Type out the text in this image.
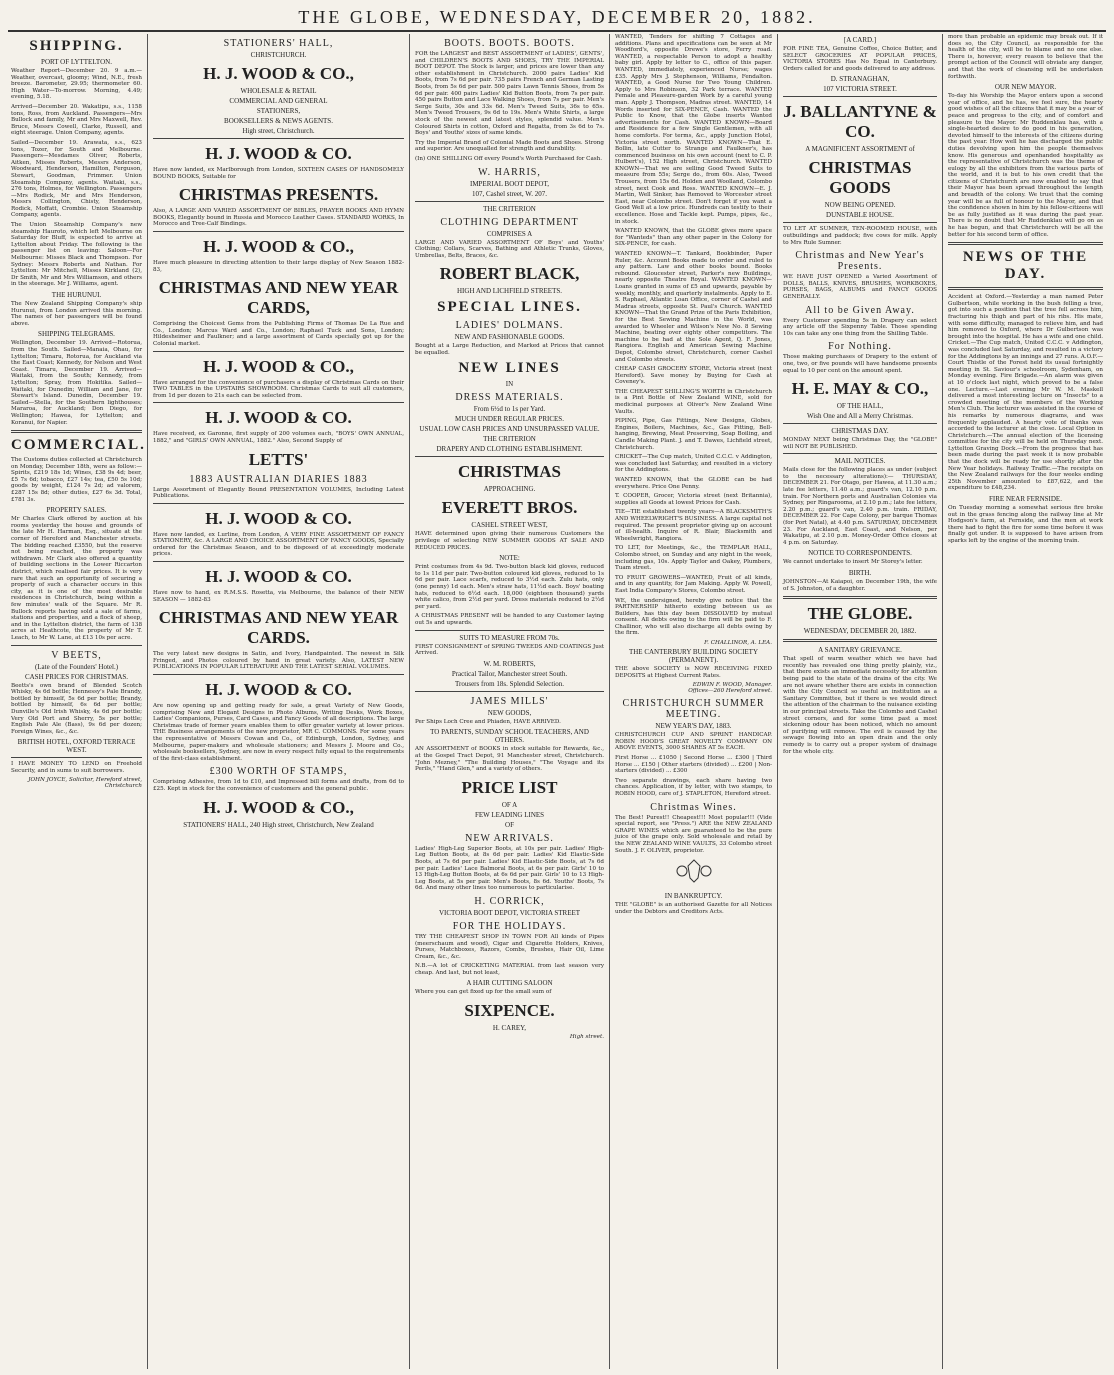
THE GLOBE, WEDNESDAY, DECEMBER 20, 1882.
SHIPPING.
PORT OF LYTTELTON.

Weather Report—December 20. 9 a.m.—Weather, overcast, gloomy; Wind, N.E., fresh breeze. Barometer, 29.95; thermometer 60. High Water—To-morrow. Morning, 4.49; evening, 5.18.

Arrived—December 20. Wakatipu, s.s., 1158 tons, Ross, from Auckland. Passengers—Mrs Bullock and family, Mr and Mrs Maxwell, Rev. Bruce, Messrs Cowell, Clarke, Russell, and eight steerage. Union Company, agents.

Sailed—December 19. Arawata, s.s., 623 tons, Tozer, for South and Melbourne. Passengers—Mesdames Oliver, Roberts, Aitken, Misses Roberts, Messrs Anderson, Woodward, Henderson, Hamilton, Ferguson, Stewart, Goodman, Frimmer. Union Steamship Company, agents. Waitaki, s.s., 276 tons, Holmes, for Wellington. Passengers—Mrs Rodick, Mr and Mrs Henderson, Messrs Collington, Chisty, Henderson, Rodick, Moffatt, Crombie. Union Steamship Company, agents.

The Union Steamship Company's new steamship Hauroto, which left Melbourne on Saturday for Bluff, is expected to arrive at Lyttelton about Friday. The following is the passenger list on leaving: Saloon—For Melbourne: Misses Black and Thompson. For Sydney: Messrs Roberts and Nathan. For Lyttelton: Mr Mitchell, Misses Kirkland (2), Dr Smith, Mr and Mrs Williamson, and others in the steerage. Mr J. Williams, agent.

THE HURUNUI.

The New Zealand Shipping Company's ship Hurunui, from London arrived this morning. The names of her passengers will be found above.

SHIPPING TELEGRAMS.

Wellington, December 19. Arrived—Rotorua, from the South. Sailed—Manaia, Ohau, for Lyttelton; Timaru, Rotorua, for Auckland via the East Coast; Kennedy, for Nelson and West Coast. Timaru, December 19. Arrived—Waitaki, from the South; Kennedy, from Lyttelton; Spray, from Hokitika. Sailed—Waitaki, for Dunedin; William and Jane, for Stewart's Island. Dunedin, December 19. Sailed—Stella, for the Southern lighthouses; Mararoa, for Auckland; Don Diego, for Wellington; Hawea, for Lyttelton; and Koranui, for Napier.

COMMERCIAL.

The Customs duties collected at Christchurch on Monday, December 18th, were as follow:—Spirits, £219 18s 1d; Wines, £38 9s 4d; beer, £5 7s 6d; tobacco, £27 14s; tea, £50 5s 10d; goods by weight, £124 7s 2d; ad valorem, £287 15s 8d; other duties, £27 6s 3d. Total, £781 3s.

PROPERTY SALES.

Mr Charles Clark offered by auction at his rooms yesterday the house and grounds of the late Mr H. Harman, Esq., situate at the corner of Hereford and Manchester streets. The bidding reached £3550, but the reserve not being reached, the property was withdrawn. Mr Clark also offered a quantity of building sections in the Lower Riccarton district, which realised fair prices. It is very rare that such an opportunity of securing a property of such a character occurs in this city, as it is one of the most desirable residences in Christchurch, being within a few minutes' walk of the Square. Mr R. Bullock reports having sold a sale of farms, stations and properties, and a flock of sheep, and in the Lyttelton district, the farm of 138 acres at Heathcote, the property of Mr T. Leach, to Mr W. Lane, at £13 10s per acre.

V BEETS,
(Late of the Founders' Hotel.)
CASH PRICES FOR CHRISTMAS.

Beetts's own brand of Blended Scotch Whisky, 4s 6d bottle; Hennessy's Pale Brandy, bottled by himself, 5s 6d per bottle; Brandy, bottled by himself, 6s 6d per bottle; Dunville's Old Irish Whisky, 4s 6d per bottle; Very Old Port and Sherry, 5s per bottle; English Pale Ale (Bass), 9s 6d per dozen; Foreign Wines, &c., &c.

BRITISH HOTEL, OXFORD TERRACE WEST.

I HAVE MONEY TO LEND on Freehold Security, and in sums to suit borrowers.

JOHN JOYCE, Solicitor, Hereford street, Christchurch
STATIONERS' HALL,
CHRISTCHURCH.
H. J. WOOD & CO.,
WHOLESALE & RETAIL
COMMERCIAL AND GENERAL
STATIONERS,
BOOKSELLERS & NEWS AGENTS.
High street, Christchurch.
H. J. WOOD & CO.

Have now landed, ex Marlborough from London, SIXTEEN CASES OF HANDSOMELY BOUND BOOKS, Suitable for

CHRISTMAS PRESENTS.

Also, A LARGE AND VARIED ASSORTMENT OF BIBLES, PRAYER BOOKS AND HYMN BOOKS, Elegantly bound in Russia and Morocco Leather Cases. STANDARD WORKS, In Morocco and Tree-Calf Bindings.

H. J. WOOD & CO.,

Have much pleasure in directing attention to their large display of New Season 1882-83,

CHRISTMAS AND NEW YEAR CARDS,

Comprising the Choicest Gems from the Publishing Firms of Thomas De La Rue and Co., London; Marcus Ward and Co., London; Raphael Tuck and Sons, London; Hildesheimer and Faulkner; and a large assortment of Cards specially got up for the Colonial market.

H. J. WOOD & CO.,

Have arranged for the convenience of purchasers a display of Christmas Cards on their TWO TABLES in the UPSTAIRS SHOWROOM. Christmas Cards to suit all customers, from 1d per dozen to 21s each can be selected from.

H. J. WOOD & CO.

Have received, ex Garonne, first supply of 200 volumes each, "BOYS' OWN ANNUAL, 1882," and "GIRLS' OWN ANNUAL, 1882." Also, Second Supply of

LETTS'
1883 AUSTRALIAN DIARIES 1883

Large Assortment of Elegantly Bound PRESENTATION VOLUMES, Including Latest Publications.

H. J. WOOD & CO.

Have now landed, ex Lurline, from London, A VERY FINE ASSORTMENT OF FANCY STATIONERY, &c. A LARGE AND CHOICE ASSORTMENT OF FANCY GOODS, Specially ordered for the Christmas Season, and to be disposed of at exceedingly moderate prices.

H. J. WOOD & CO.

Have now to hand, ex R.M.S.S. Rosetta, via Melbourne, the balance of their NEW SEASON — 1882-83

CHRISTMAS AND NEW YEAR CARDS.

The very latest new designs in Satin, and Ivory, Handpainted. The newest in Silk Fringed, and Photos coloured by hand in great variety. Also, LATEST NEW PUBLICATIONS IN POPULAR LITERATURE AND THE LATEST SERIAL VOLUMES.

H. J. WOOD & CO.

Are now opening up and getting ready for sale, a great Variety of New Goods, comprising New and Elegant Designs in Photo Albums, Writing Desks, Work Boxes, Ladies' Companions, Purses, Card Cases, and Fancy Goods of all descriptions. The large Christmas trade of former years enables them to offer greater variety at lower prices. THE Business arrangements of the new proprietor, MR C. COMMONS. For some years the representative of Messrs Cowan and Co., of Edinburgh, London, Sydney, and Melbourne, paper-makers and wholesale stationers; and Messrs J. Moore and Co., wholesale booksellers, Sydney, are now in every respect fully equal to the requirements of the first-class establishment.

£300 WORTH OF STAMPS,

Comprising Adhesive, from 1d to £10, and Impressed bill forms and drafts, from 6d to £25. Kept in stock for the convenience of customers and the general public.

H. J. WOOD & CO.,
STATIONERS' HALL, 240 High street, Christchurch, New Zealand
BOOTS. BOOTS. BOOTS.

FOR the LARGEST and BEST ASSORTMENT of LADIES', GENTS', and CHILDREN'S BOOTS AND SHOES, TRY THE IMPERIAL BOOT DEPOT. The Stock is larger, and prices are lower than any other establishment in Christchurch. 2000 pairs Ladies' Kid Boots, from 7s 6d per pair. 735 pairs French and German Lasting Boots, from 5s 6d per pair. 500 pairs Lawn Tennis Shoes, from 5s 6d per pair. 400 pairs Ladies' Kid Button Boots, from 7s per pair. 450 pairs Button and Lace Walking Shoes, from 7s per pair. Men's Serge Suits, 30s and 33s 6d. Men's Tweed Suits, 36s to 65s. Men's Tweed Trousers, 9s 6d to 19s. Men's White Shirts, a large stock of the newest and latest styles, splendid value. Men's Coloured Shirts in cotton, Oxford and Regatta, from 3s 6d to 7s. Boys' and Youths' sizes of same kinds.

Try the Imperial Brand of Colonial Made Boots and Shoes. Strong and superior. Are unequalled for strength and durability.

(In) ONE SHILLING Off every Pound's Worth Purchased for Cash.

W. HARRIS,
IMPERIAL BOOT DEPOT,
107, Cashel street, W. 207.
THE CRITERION
CLOTHING DEPARTMENT
COMPRISES A

LARGE AND VARIED ASSORTMENT OF Boys' and Youths' Clothing; Collars, Scarves, Bathing and Athletic Trunks, Gloves, Umbrellas, Belts, Braces, &c.

ROBERT BLACK,
HIGH AND LICHFIELD STREETS.
SPECIAL LINES.
LADIES' DOLMANS.
NEW AND FASHIONABLE GOODS.

Bought at a Large Reduction, and Marked at Prices that cannot be equalled.

NEW LINES
IN
DRESS MATERIALS.
From 6½d to 1s per Yard.
MUCH UNDER REGULAR PRICES.
USUAL LOW CASH PRICES AND UNSURPASSED VALUE.
THE CRITERION
DRAPERY AND CLOTHING ESTABLISHMENT.
CHRISTMAS
APPROACHING.
EVERETT BROS.
CASHEL STREET WEST,

HAVE determined upon giving their numerous Customers the privilege of selecting NEW SUMMER GOODS AT SALE AND REDUCED PRICES.

NOTE:

Print costumes from 4s 9d. Two-button black kid gloves, reduced to 1s 11d per pair. Two-button coloured kid gloves, reduced to 1s 6d per pair. Lace scarfs, reduced to 3½d each. Zulu hats, only (one penny) 1d each. Men's straw hats, 11½d each. Boys' boating hats, reduced to 6½d each. 18,000 (eighteen thousand) yards white calico, from 2½d per yard. Dress materials reduced to 2½d per yard.

A CHRISTMAS PRESENT will be handed to any Customer laying out 5s and upwards.

SUITS TO MEASURE FROM 70s.

FIRST CONSIGNMENT of SPRING TWEEDS AND COATINGS Just Arrived.

W. M. ROBERTS,
Practical Tailor, Manchester street South.
Trousers from 18s. Splendid Selection.
JAMES MILLS'
NEW GOODS,

Per Ships Loch Cree and Phiaden, HAVE ARRIVED.

TO PARENTS, SUNDAY SCHOOL TEACHERS, AND OTHERS.

AN ASSORTMENT of BOOKS in stock suitable for Rewards, &c., at the Gospel Tract Depot, 91 Manchester street, Christchurch. "John Mezney," "The Building Houses," "The Voyage and its Perils," "Hand Glen," and a variety of others.

PRICE LIST
OF A
FEW LEADING LINES
OF
NEW ARRIVALS.

Ladies' High-Leg Superior Boots, at 10s per pair. Ladies' High-Leg Button Boots, at 8s 6d per pair. Ladies' Kid Elastic-Side Boots, at 7s 6d per pair. Ladies' Kid Elastic-Side Boots, at 7s 6d per pair. Ladies' Lace Balmoral Boots, at 6s per pair. Girls' 10 to 13 High-Leg Button Boots, at 6s 6d per pair. Girls' 10 to 13 High-Leg Boots, at 5s per pair. Men's Boots, 8s 6d. Youths' Boots, 7s 6d. And many other lines too numerous to particularise.

H. CORRICK,
VICTORIA BOOT DEPOT, VICTORIA STREET
FOR THE HOLIDAYS.

TRY THE CHEAPEST SHOP IN TOWN FOR All kinds of Pipes (meerschaum and wood), Cigar and Cigarette Holders, Knives, Purses, Matchboxes, Razors, Combs, Brushes, Hair Oil, Lime Cream, &c., &c.

N.B.—A lot of CRICKETING MATERIAL from last season very cheap. And last, but not least,

A HAIR CUTTING SALOON

Where you can get fixed up for the small sum of

SIXPENCE.
H. CAREY,
High street.

WANTED, Tenders for shifting 7 Cottages and additions. Plans and specifications can be seen at Mr Woodford's, opposite Drewe's store, Ferry road. WANTED, a respectable Person to adopt a healthy baby girl. Apply by letter to C., office of this paper. WANTED, immediately, experienced Nurse; wages £35. Apply Mrs J. Stephenson, Williams, Fendalton. WANTED, a Good Nurse for Two Young Children. Apply to Mrs Robinson, 32 Park terrace. WANTED Female and Pleasure-garden Work by a careful young man. Apply J. Thompson, Madras street. WANTED, 14 Words inserted for SIX-PENCE, Cash. WANTED the Public to Know, that the Globe inserts Wanted advertisements for Cash. WANTED KNOWN—Board and Residence for a few Single Gentlemen, with all home comforts. For terms, &c., apply Junction Hotel, Victoria street north. WANTED KNOWN—That E. Bollin, late Cutter to Strange and Faulkner's, has commenced business on his own account (next to C. P. Hulbert's), 152 High street, Christchurch. WANTED KNOWN—That we are selling Good Tweed Suits to measure from 55s; Serge do., from 60s. Also, Tweed Trousers, from 15s 6d. Holden and Woolland, Colombo street, next Cook and Ross. WANTED KNOWN—E. J. Martin, Well Sinker, has Removed to Worcester street East, near Colombo street. Don't forget if you want a Good Well at a low price. Hundreds can testify to their excellence. Hose and Tackle kept. Pumps, pipes, &c., in stock.

WANTED KNOWN, that the GLOBE gives more space for "Wanteds" than any other paper in the Colony for SIX-PENCE, for cash.

WANTED KNOWN—T. Tankard, Bookbinder, Paper Ruler, &c. Account Books made to order and ruled to any pattern. Law and other books bound. Books rebound. Gloucester street, Parker's new Buildings, nearly opposite Theatre Royal. WANTED KNOWN—Loans granted in sums of £5 and upwards, payable by weekly, monthly, and quarterly instalments. Apply to E. S. Raphael, Atlantic Loan Office, corner of Cashel and Madras streets, opposite St. Paul's Church. WANTED KNOWN—That the Grand Prize of the Paris Exhibition, for the Best Sewing Machine in the World, was awarded to Wheeler and Wilson's New No. 8 Sewing Machine, beating over eighty other competitors. The machine to be had at the Sole Agent, Q. F. Jones, Rangiora. English and American Sewing Machine Depot, Colombo street, Christchurch, corner Cashel and Colombo streets.

CHEAP CASH GROCERY STORE, Victoria street (next Hereford). Save money by Buying for Cash at Coveney's.

THE CHEAPEST SHILLING'S WORTH in Christchurch is a Pint Bottle of New Zealand WINE, sold for medicinal purposes at Oliver's New Zealand Wine Vaults.

PIPING, Pipe, Gas Fittings, New Designs, Globes, Engines, Boilers, Machines, &c., Gas Fitting, Bell-hanging, Brewing, Meat Preserving, Soap Boiling, and Candle Making Plant. J. and T. Dawes, Lichfield street, Christchurch.

CRICKET—The Cup match, United C.C.C. v Addington, was concluded last Saturday, and resulted in a victory for the Addingtons.

WANTED KNOWN, that the GLOBE can be had everywhere. Price One Penny.

T. COOPER, Grocer, Victoria street (next Britannia), supplies all Goods at lowest Prices for Cash.

TIE—TIE established twenty years—A BLACKSMITH'S AND WHEELWRIGHT'S BUSINESS. A large capital not required. The present proprietor giving up on account of ill-health. Inquire of R. Blair, Blacksmith and Wheelwright, Rangiora.

TO LET, for Meetings, &c., the TEMPLAR HALL, Colombo street, on Sunday and any night in the week, including gas, 10s. Apply Taylor and Oakey, Plumbers, Tuam street.

TO FRUIT GROWERS—WANTED, Fruit of all kinds, and in any quantity, for Jam Making. Apply W. Powell, East India Company's Stores, Colombo street.

WE, the undersigned, hereby give notice that the PARTNERSHIP hitherto existing between us as Builders, has this day been DISSOLVED by mutual consent. All debts owing to the firm will be paid to F. Challinor, who will also discharge all debts owing by the firm.

F. CHALLINOR, A. LEA.
THE CANTERBURY BUILDING SOCIETY (PERMANENT).

THE above SOCIETY is NOW RECEIVING FIXED DEPOSITS at Highest Current Rates.

EDWIN F. WOOD, Manager.
Offices—260 Hereford street.
CHRISTCHURCH SUMMER MEETING.
NEW YEAR'S DAY, 1883.

CHRISTCHURCH CUP AND SPRINT HANDICAP. ROBIN HOOD'S GREAT NOVELTY COMPANY ON ABOVE EVENTS, 3000 SHARES AT 5s EACH.

First Horse ... £1050 | Second Horse ... £300 | Third Horse ... £150 | Other starters (divided) ... £200 | Non-starters (divided) ... £300

Two separate drawings, each share having two chances. Application, if by letter, with two stamps, to ROBIN HOOD, care of J. STAPLETON, Hereford street.

Christmas Wines.

The Best! Purest!! Cheapest!!! Most popular!!! (Vide special report, see "Press.") ARE the NEW ZEALAND GRAPE WINES which are guaranteed to be the pure juice of the grape only. Sold wholesale and retail by the NEW ZEALAND WINE VAULTS, 33 Colombo street South. J. F. OLIVER, proprietor.

IN BANKRUPTCY.

THE "GLOBE" is an authorised Gazette for all Notices under the Debtors and Creditors Acts.

[A CARD.]

FOR FINE TEA, Genuine Coffee, Choice Butter, and SELECT GROCERIES AT POPULAR PRICES, VICTORIA STORES Has No Equal in Canterbury. Orders called for and goods delivered to any address.

D. STRANAGHAN,
107 VICTORIA STREET.
J. BALLANTYNE & CO.
A MAGNIFICENT ASSORTMENT of
CHRISTMAS GOODS
NOW BEING OPENED.
DUNSTABLE HOUSE.

TO LET AT SUMNER, TEN-ROOMED HOUSE, with outbuildings and paddock; five cows for milk. Apply to Mrs Rule Sumner.

Christmas and New Year's Presents.

WE HAVE JUST OPENED a Varied Assortment of DOLLS, BALLS, KNIVES, BRUSHES, WORKBOXES, PURSES, BAGS, ALBUMS and FANCY GOODS GENERALLY.

All to be Given Away.

Every Customer spending 5s in Drapery can select any article off the Sixpenny Table. Those spending 10s can take any one thing from the Shilling Table.

For Nothing.

Those making purchases of Drapery to the extent of one, two, or five pounds will have handsome presents equal to 10 per cent on the amount spent.

H. E. MAY & CO.,
OF THE HALL,
Wish One and All a Merry Christmas.
CHRISTMAS DAY.

MONDAY NEXT being Christmas Day, the "GLOBE" will NOT BE PUBLISHED.

MAIL NOTICES.

Mails close for the following places as under (subject to the necessary alterations):— THURSDAY, DECEMBER 21. For Otago, per Hawea, at 11.30 a.m.; late fee letters, 11.40 a.m.; guard's van, 12.10 p.m. train. For Northern ports and Australian Colonies via Sydney, per Ringarooma, at 2.10 p.m.; late fee letters, 2.20 p.m.; guard's van, 2.40 p.m. train. FRIDAY, DECEMBER 22. For Cape Colony, per barque Thomas (for Port Natal), at 4.40 p.m. SATURDAY, DECEMBER 23. For Auckland, East Coast, and Nelson, per Wakatipu, at 2.10 p.m. Money-Order Office closes at 4 p.m. on Saturday.

NOTICE TO CORRESPONDENTS.

We cannot undertake to insert Mr Storey's letter.

BIRTH.

JOHNSTON—At Kaiapoi, on December 19th, the wife of S. Johnston, of a daughter.

THE GLOBE.
WEDNESDAY, DECEMBER 20, 1882.
A SANITARY GRIEVANCE.

That spell of warm weather which we have had recently has revealed one thing pretty plainly, viz., that there exists an immediate necessity for attention being paid to the state of the drains of the city. We are not aware whether there are exists in connection with the City Council so useful an institution as a Sanitary Committee, but if there is we would direct the attention of the chairman to the nuisance existing in our principal streets. Take the Colombo and Cashel street corners, and for some time past a most sickening odour has been noticed, which no amount of purifying will remove. The evil is caused by the sewage flowing into an open drain and the only remedy is to carry out a proper system of drainage for the whole city.

more than probable an epidemic may break out. If it does so, the City Council, as responsible for the health of the city, will be to blame and no one else. There is, however, every reason to believe that the prompt action of the Council will obviate any danger, and that the work of cleansing will be undertaken forthwith.

OUR NEW MAYOR.

To-day his Worship the Mayor enters upon a second year of office, and he has, we feel sure, the hearty good wishes of all the citizens that it may be a year of peace and progress to the city, and of comfort and pleasure to the Mayor. Mr Ruddenklau has, with a single-hearted desire to do good in his generation, devoted himself to the interests of the citizens during the past year. How well he has discharged the public duties devolving upon him the people themselves know. His generous and openhanded hospitality as the representative of Christchurch was the theme of eulogy by all the exhibitors from the various parts of the world, and it is but to his own credit that the citizens of Christchurch are now enabled to say that their Mayor has been spread throughout the length and breadth of the colony. We trust that the coming year will be as full of honour to the Mayor, and that the confidence shown in him by his fellow-citizens will be as fully justified as it was during the past year. There is no doubt that Mr Ruddenklau will go on as he has begun, and that Christchurch will be all the better for his second term of office.

NEWS OF THE DAY.

Accident at Oxford.—Yesterday a man named Peter Gulbertson, while working in the bush felling a tree, got into such a position that the tree fell across him, fracturing his thigh and part of his ribs. His mate, with some difficulty, managed to relieve him, and had him removed to Oxford, where Dr Gulbertson was brought into the hospital. He has a wife and one child. Cricket.—The Cup match, United C.C.C. v Addington, was concluded last Saturday, and resulted in a victory for the Addingtons by an innings and 27 runs. A.O.F.—Court Thistle of the Forest held its usual fortnightly meeting in St. Saviour's schoolroom, Sydenham, on Monday evening. Fire Brigade.—An alarm was given at 10 o'clock last night, which proved to be a false one. Lecture.—Last evening Mr W. M. Maskell delivered a most interesting lecture on "Insects" to a crowded meeting of the members of the Working Men's Club. The lecturer was assisted in the course of his remarks by numerous diagrams, and was frequently applauded. A hearty vote of thanks was accorded to the lecturer at the close. Local Option in Christchurch.—The annual election of the licensing committee for the city will be held on Thursday next. Lyttelton Graving Dock.—From the progress that has been made during the past week it is now probable that the dock will be ready for use shortly after the New Year holidays. Railway Traffic.—The receipts on the New Zealand railways for the four weeks ending 25th November amounted to £87,622, and the expenditure to £48,234.

FIRE NEAR FERNSIDE.

On Tuesday morning a somewhat serious fire broke out in the grass fencing along the railway line at Mr Hodgson's farm, at Fernside, and the men at work there had to fight the fire for some time before it was finally got under. It is supposed to have arisen from sparks left by the engine of the morning train.
